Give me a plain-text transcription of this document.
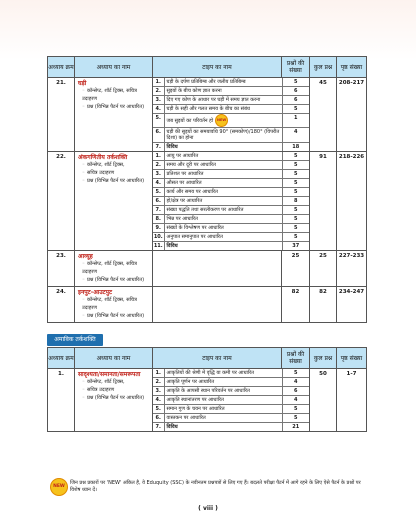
अध्याय क्रम	अध्याय का नाम	टाइप का नाम	प्रश्नों की संख्या	कुल प्रश्न	पृष्ठ संख्या
21.	घड़ी
◦ कॉन्सेप्ट, शॉर्ट ट्रिक्स, सचित्र उदाहरण
◦ प्रश्न (विभिन्न पैटर्न पर आधारित)

1.	घड़ी के दर्पण प्रतिबिम्ब और जलीय प्रतिबिम्ब	5
2.	सुइयों के बीच कोण ज्ञात करना	6
3.	दिए गए कोण के आधार पर घड़ी में समय ज्ञात करना	6
4.	घड़ी के सही और गलत समय के बीच का संबंध	5
5.	जब सुइयों का परिवर्तन हो NEW	1
6.	घड़ी की सुइयों का समयावधि 90° (समकोण)/180° (विपरीत दिशा) का होना	4
7.	विविध	18
	45	208-217
22.	अंकगणितीय तर्कशक्ति
◦ कॉन्सेप्ट, शॉर्ट ट्रिक्स,
◦ सचित्र उदाहरण
◦ प्रश्न (विभिन्न पैटर्न पर आधारित)

1.	आयु पर आधारित	5
2.	समय और दूरी पर आधारित	5
3.	प्रतिशत पर आधारित	5
4.	औसत पर आधारित	5
5.	कार्य और समय पर आधारित	5
6.	हो/क्षेत्र पर आधारित	8
7.	संख्या पद्धति तथा सरलीकरण पर आधारित	5
8.	भिन्न पर आधारित	5
9.	संख्यों के विश्लेषण पर आधारित	5
10.	अनुपात समानुपात पर आधारित	5
11.	विविध	37
	91	218-226
23.	आव्यूह
◦ कॉन्सेप्ट, शॉर्ट ट्रिक्स, सचित्र उदाहरण
◦ प्रश्न (विभिन्न पैटर्न पर आधारित)
		25	25	227-233
24.	इनपुट-आउटपुट
◦ कॉन्सेप्ट, शॉर्ट ट्रिक्स, सचित्र उदाहरण
◦ प्रश्न (विभिन्न पैटर्न पर आधारित)
		82	82	234-247
अमाविक तर्कशक्ति
अध्याय क्रम	अध्याय का नाम	टाइप का नाम	प्रश्नों की संख्या	कुल प्रश्न	पृष्ठ संख्या
1.	सादृश्यता/समानता/समरूपता
◦ कॉन्सेप्ट, शॉर्ट ट्रिक्स,
◦ सचित्र उदाहरण
◦ प्रश्न (विभिन्न पैटर्न पर आधारित)

1.	आकृतियों की श्रेणी में वृद्धि या कमी पर आधारित	5
2.	आकृति पूर्णन पर आधारित	4
3.	आकृति के आपसी स्थान परिवर्तन पर आधारित	6
4.	आकृति स्थानांतरण पर आधारित	4
5.	समान गुण के चयन पर आधारित	5
6.	वास्तकन पर आधारित	5
7.	विविध	21
	50	1-7
NEW
जिन प्रश्न प्रकारों पर 'NEW' अंकित है, वे Eduquity (SSC) के नवीनतम प्रश्नपत्रों से लिए गए हैं। बदलते परीक्षा पैटर्न में आगे रहने के लिए ऐसे पैटर्न के प्रश्नों पर विशेष ध्यान दें।
( viii )
